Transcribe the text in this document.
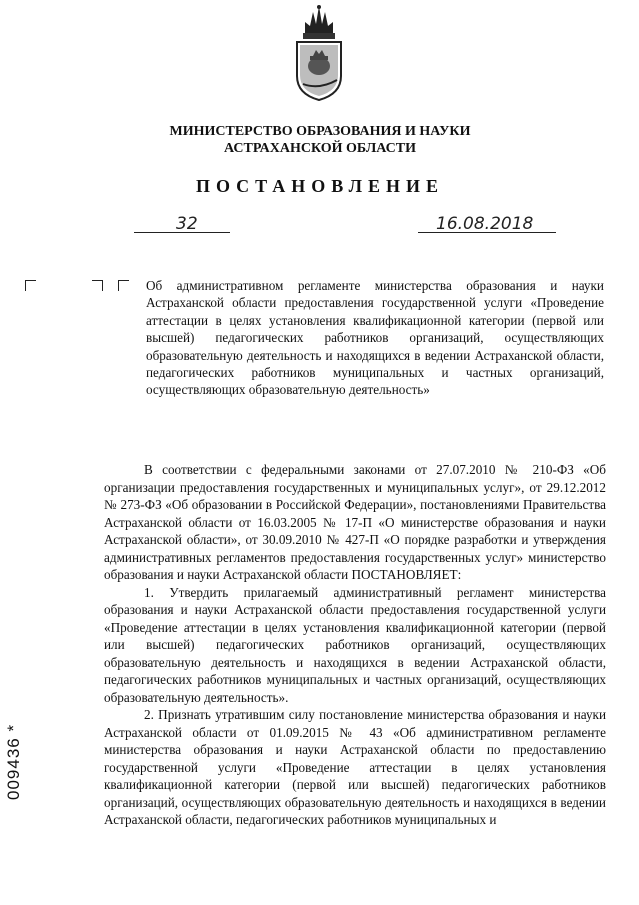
МИНИСТЕРСТВО ОБРАЗОВАНИЯ И НАУКИ
АСТРАХАНСКОЙ ОБЛАСТИ
ПОСТАНОВЛЕНИЕ
32	16.08.2018
Об административном регламенте министерства образования и науки Астраханской области предоставления государственной услуги «Проведение аттестации в целях установления квалификационной категории (первой или высшей) педагогических работников организаций, осуществляющих образовательную деятельность и находящихся в ведении Астраханской области, педагогических работников муниципальных и частных организаций, осуществляющих образовательную деятельность»

В соответствии с федеральными законами от 27.07.2010 № 210-ФЗ «Об организации предоставления государственных и муниципальных услуг», от 29.12.2012 № 273-ФЗ «Об образовании в Российской Федерации», постановлениями Правительства Астраханской области от 16.03.2005 № 17-П «О министерстве образования и науки Астраханской области», от 30.09.2010 № 427-П «О порядке разработки и утверждения административных регламентов предоставления государственных услуг» министерство образования и науки Астраханской области ПОСТАНОВЛЯЕТ:

1. Утвердить прилагаемый административный регламент министерства образования и науки Астраханской области предоставления государственной услуги «Проведение аттестации в целях установления квалификационной категории (первой или высшей) педагогических работников организаций, осуществляющих образовательную деятельность и находящихся в ведении Астраханской области, педагогических работников муниципальных и частных организаций, осуществляющих образовательную деятельность».

2. Признать утратившим силу постановление министерства образования и науки Астраханской области от 01.09.2015 № 43 «Об административном регламенте министерства образования и науки Астраханской области по предоставлению государственной услуги «Проведение аттестации в целях установления квалификационной категории (первой или высшей) педагогических работников организаций, осуществляющих образовательную деятельность и находящихся в ведении Астраханской области, педагогических работников муниципальных и

009436 *
